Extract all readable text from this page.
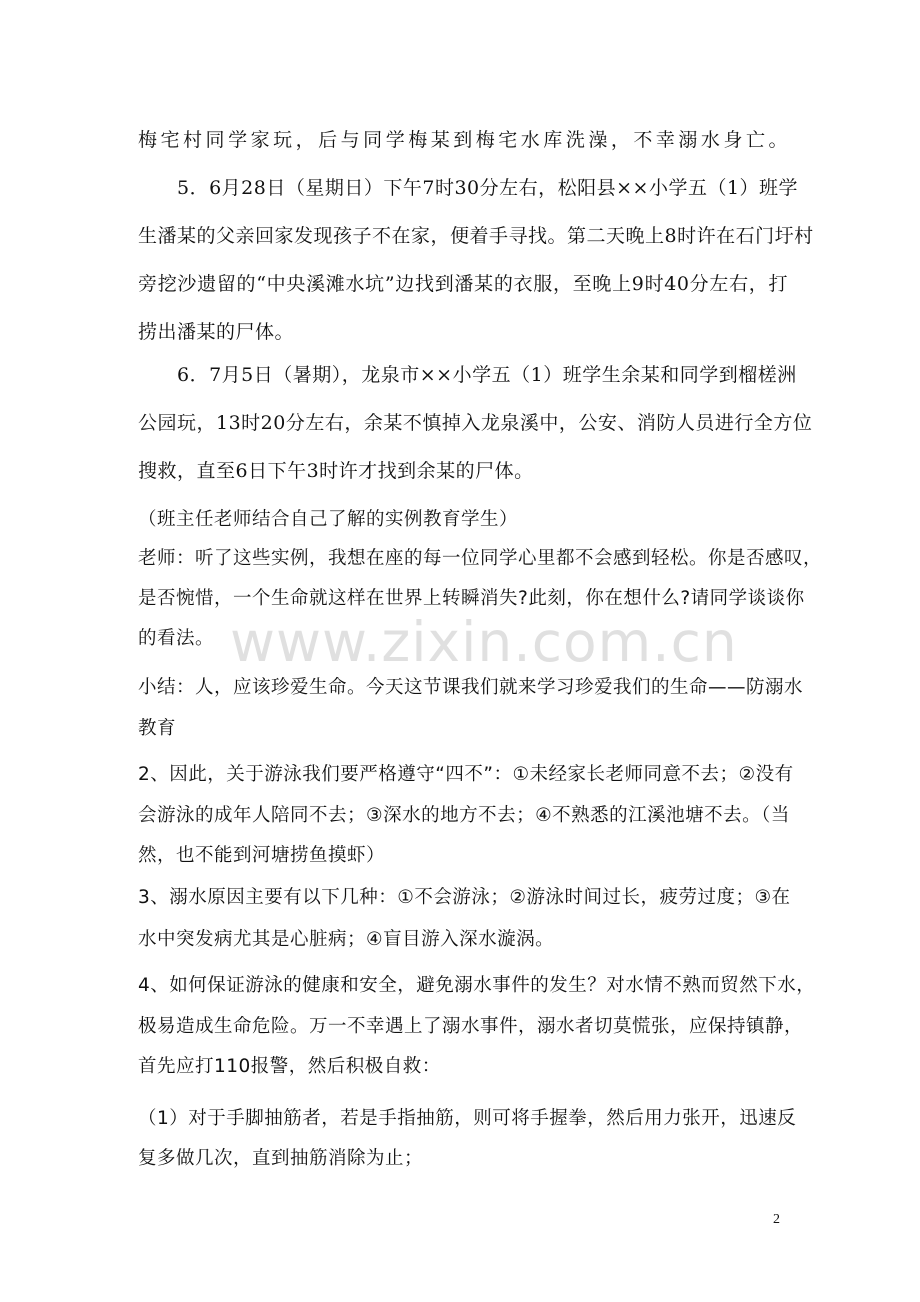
梅宅村同学家玩，后与同学梅某到梅宅水库洗澡，不幸溺水身亡。
　　5．6月28日（星期日）下午7时30分左右，松阳县××小学五（1）班学
生潘某的父亲回家发现孩子不在家，便着手寻找。第二天晚上8时许在石门圩村
旁挖沙遗留的“中央溪滩水坑”边找到潘某的衣服，至晚上9时40分左右，打
捞出潘某的尸体。
　　6．7月5日（暑期），龙泉市××小学五（1）班学生余某和同学到榴槎洲
公园玩，13时20分左右，余某不慎掉入龙泉溪中，公安、消防人员进行全方位
搜救，直至6日下午3时许才找到余某的尸体。
（班主任老师结合自己了解的实例教育学生）
老师：听了这些实例，我想在座的每一位同学心里都不会感到轻松。你是否感叹，
是否惋惜，一个生命就这样在世界上转瞬消失?此刻，你在想什么?请同学谈谈你
的看法。
小结：人，应该珍爱生命。今天这节课我们就来学习珍爱我们的生命——防溺水
教育
2、因此，关于游泳我们要严格遵守“四不”：①未经家长老师同意不去；②没有
会游泳的成年人陪同不去；③深水的地方不去；④不熟悉的江溪池塘不去。（当
然，也不能到河塘捞鱼摸虾）
3、溺水原因主要有以下几种：①不会游泳；②游泳时间过长，疲劳过度；③在
水中突发病尤其是心脏病；④盲目游入深水漩涡。
4、如何保证游泳的健康和安全，避免溺水事件的发生？对水情不熟而贸然下水，
极易造成生命危险。万一不幸遇上了溺水事件，溺水者切莫慌张，应保持镇静，
首先应打110报警，然后积极自救：
（1）对于手脚抽筋者，若是手指抽筋，则可将手握拳，然后用力张开，迅速反
复多做几次，直到抽筋消除为止；
www.zixin.com.cn
2
